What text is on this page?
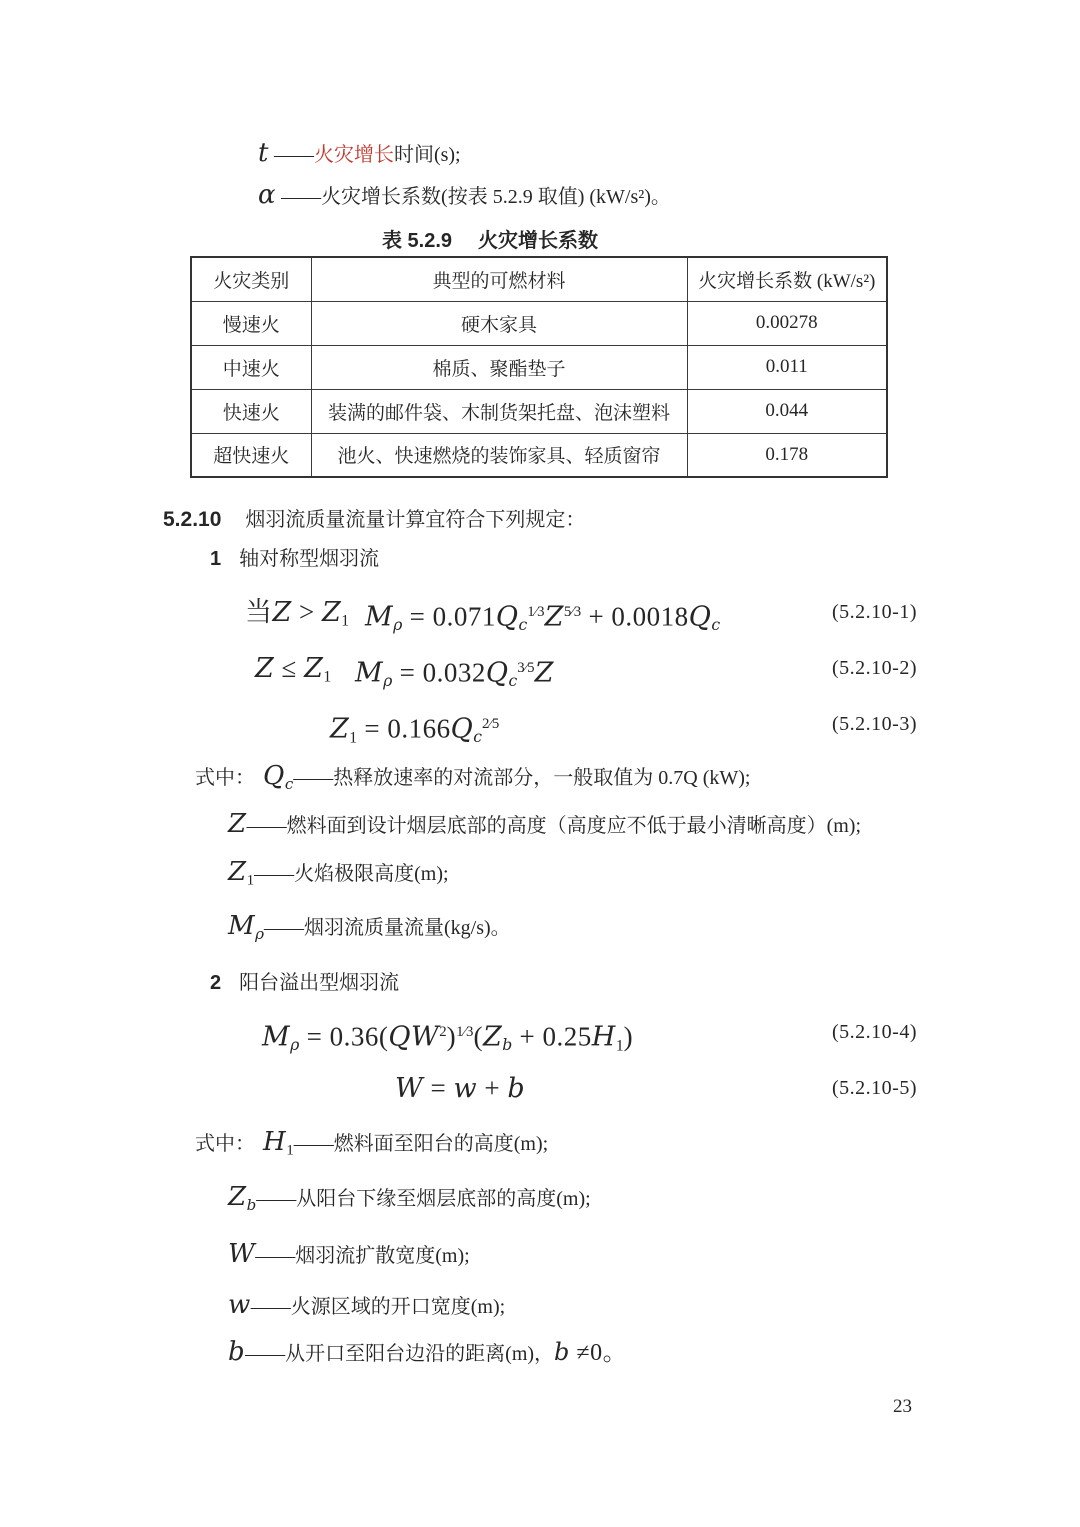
t ——火灾增长时间(s);
α ——火灾增长系数(按表 5.2.9 取值) (kW/s²)。
表 5.2.9 火灾增长系数
火灾类别	典型的可燃材料	火灾增长系数 (kW/s²)
慢速火	硬木家具	0.00278
中速火	棉质、聚酯垫子	0.011
快速火	装满的邮件袋、木制货架托盘、泡沫塑料	0.044
超快速火	池火、快速燃烧的装饰家具、轻质窗帘	0.178
5.2.10 烟羽流质量流量计算宜符合下列规定：
1 轴对称型烟羽流
当$Z > Z_1$ $M_\rho = 0.071Q_c^{1⁄3}Z^{5⁄3} + 0.0018Q_c$
(5.2.10-1)
$Z \le Z_1$ $M_\rho = 0.032Q_c^{3⁄5}Z$	(5.2.10-2)
$Z_1 = 0.166Q_c^{2⁄5}$	(5.2.10-3)
式中： $Q_c——$热释放速率的对流部分，一般取值为 0.7Q (kW);
Z——燃料面到设计烟层底部的高度（高度应不低于最小清晰高度）(m);
$Z_1——$火焰极限高度(m);
$M_\rho——$烟羽流质量流量(kg/s)。
2 阳台溢出型烟羽流
$M_\rho = 0.36(QW^2)^{1⁄3}(Z_b + 0.25H_1)$	(5.2.10-4)
W = w + b	(5.2.10-5)
式中： $H_1——$燃料面至阳台的高度(m);
$Z_b——$从阳台下缘至烟层底部的高度(m);
W——烟羽流扩散宽度(m);
w——火源区域的开口宽度(m);
b——从开口至阳台边沿的距离(m)，b ≠0。
23
